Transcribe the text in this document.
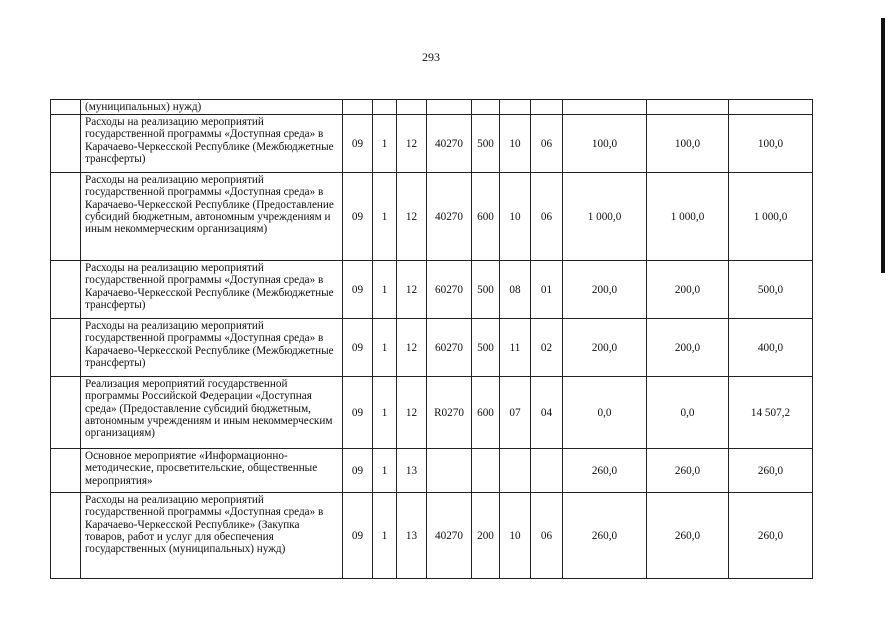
293
	(муниципальных) нужд)										
	Расходы на реализацию мероприятий государственной программы «Доступная среда» в Карачаево-Черкесской Республике (Межбюджетные трансферты)	09	1	12	40270	500	10	06	100,0	100,0	100,0
	Расходы на реализацию мероприятий государственной программы «Доступная среда» в Карачаево-Черкесской Республике (Предоставление субсидий бюджетным, автономным учреждениям и иным некоммерческим организациям)	09	1	12	40270	600	10	06	1 000,0	1 000,0	1 000,0
	Расходы на реализацию мероприятий государственной программы «Доступная среда» в Карачаево-Черкесской Республике (Межбюджетные трансферты)	09	1	12	60270	500	08	01	200,0	200,0	500,0
	Расходы на реализацию мероприятий государственной программы «Доступная среда» в Карачаево-Черкесской Республике (Межбюджетные трансферты)	09	1	12	60270	500	11	02	200,0	200,0	400,0
	Реализация мероприятий государственной программы Российской Федерации «Доступная среда» (Предоставление субсидий бюджетным, автономным учреждениям и иным некоммерческим организациям)	09	1	12	R0270	600	07	04	0,0	0,0	14 507,2
	Основное мероприятие «Информационно-методические, просветительские, общественные мероприятия»	09	1	13					260,0	260,0	260,0
	Расходы на реализацию мероприятий государственной программы «Доступная среда» в Карачаево-Черкесской Республике» (Закупка товаров, работ и услуг для обеспечения государственных (муниципальных) нужд)	09	1	13	40270	200	10	06	260,0	260,0	260,0
